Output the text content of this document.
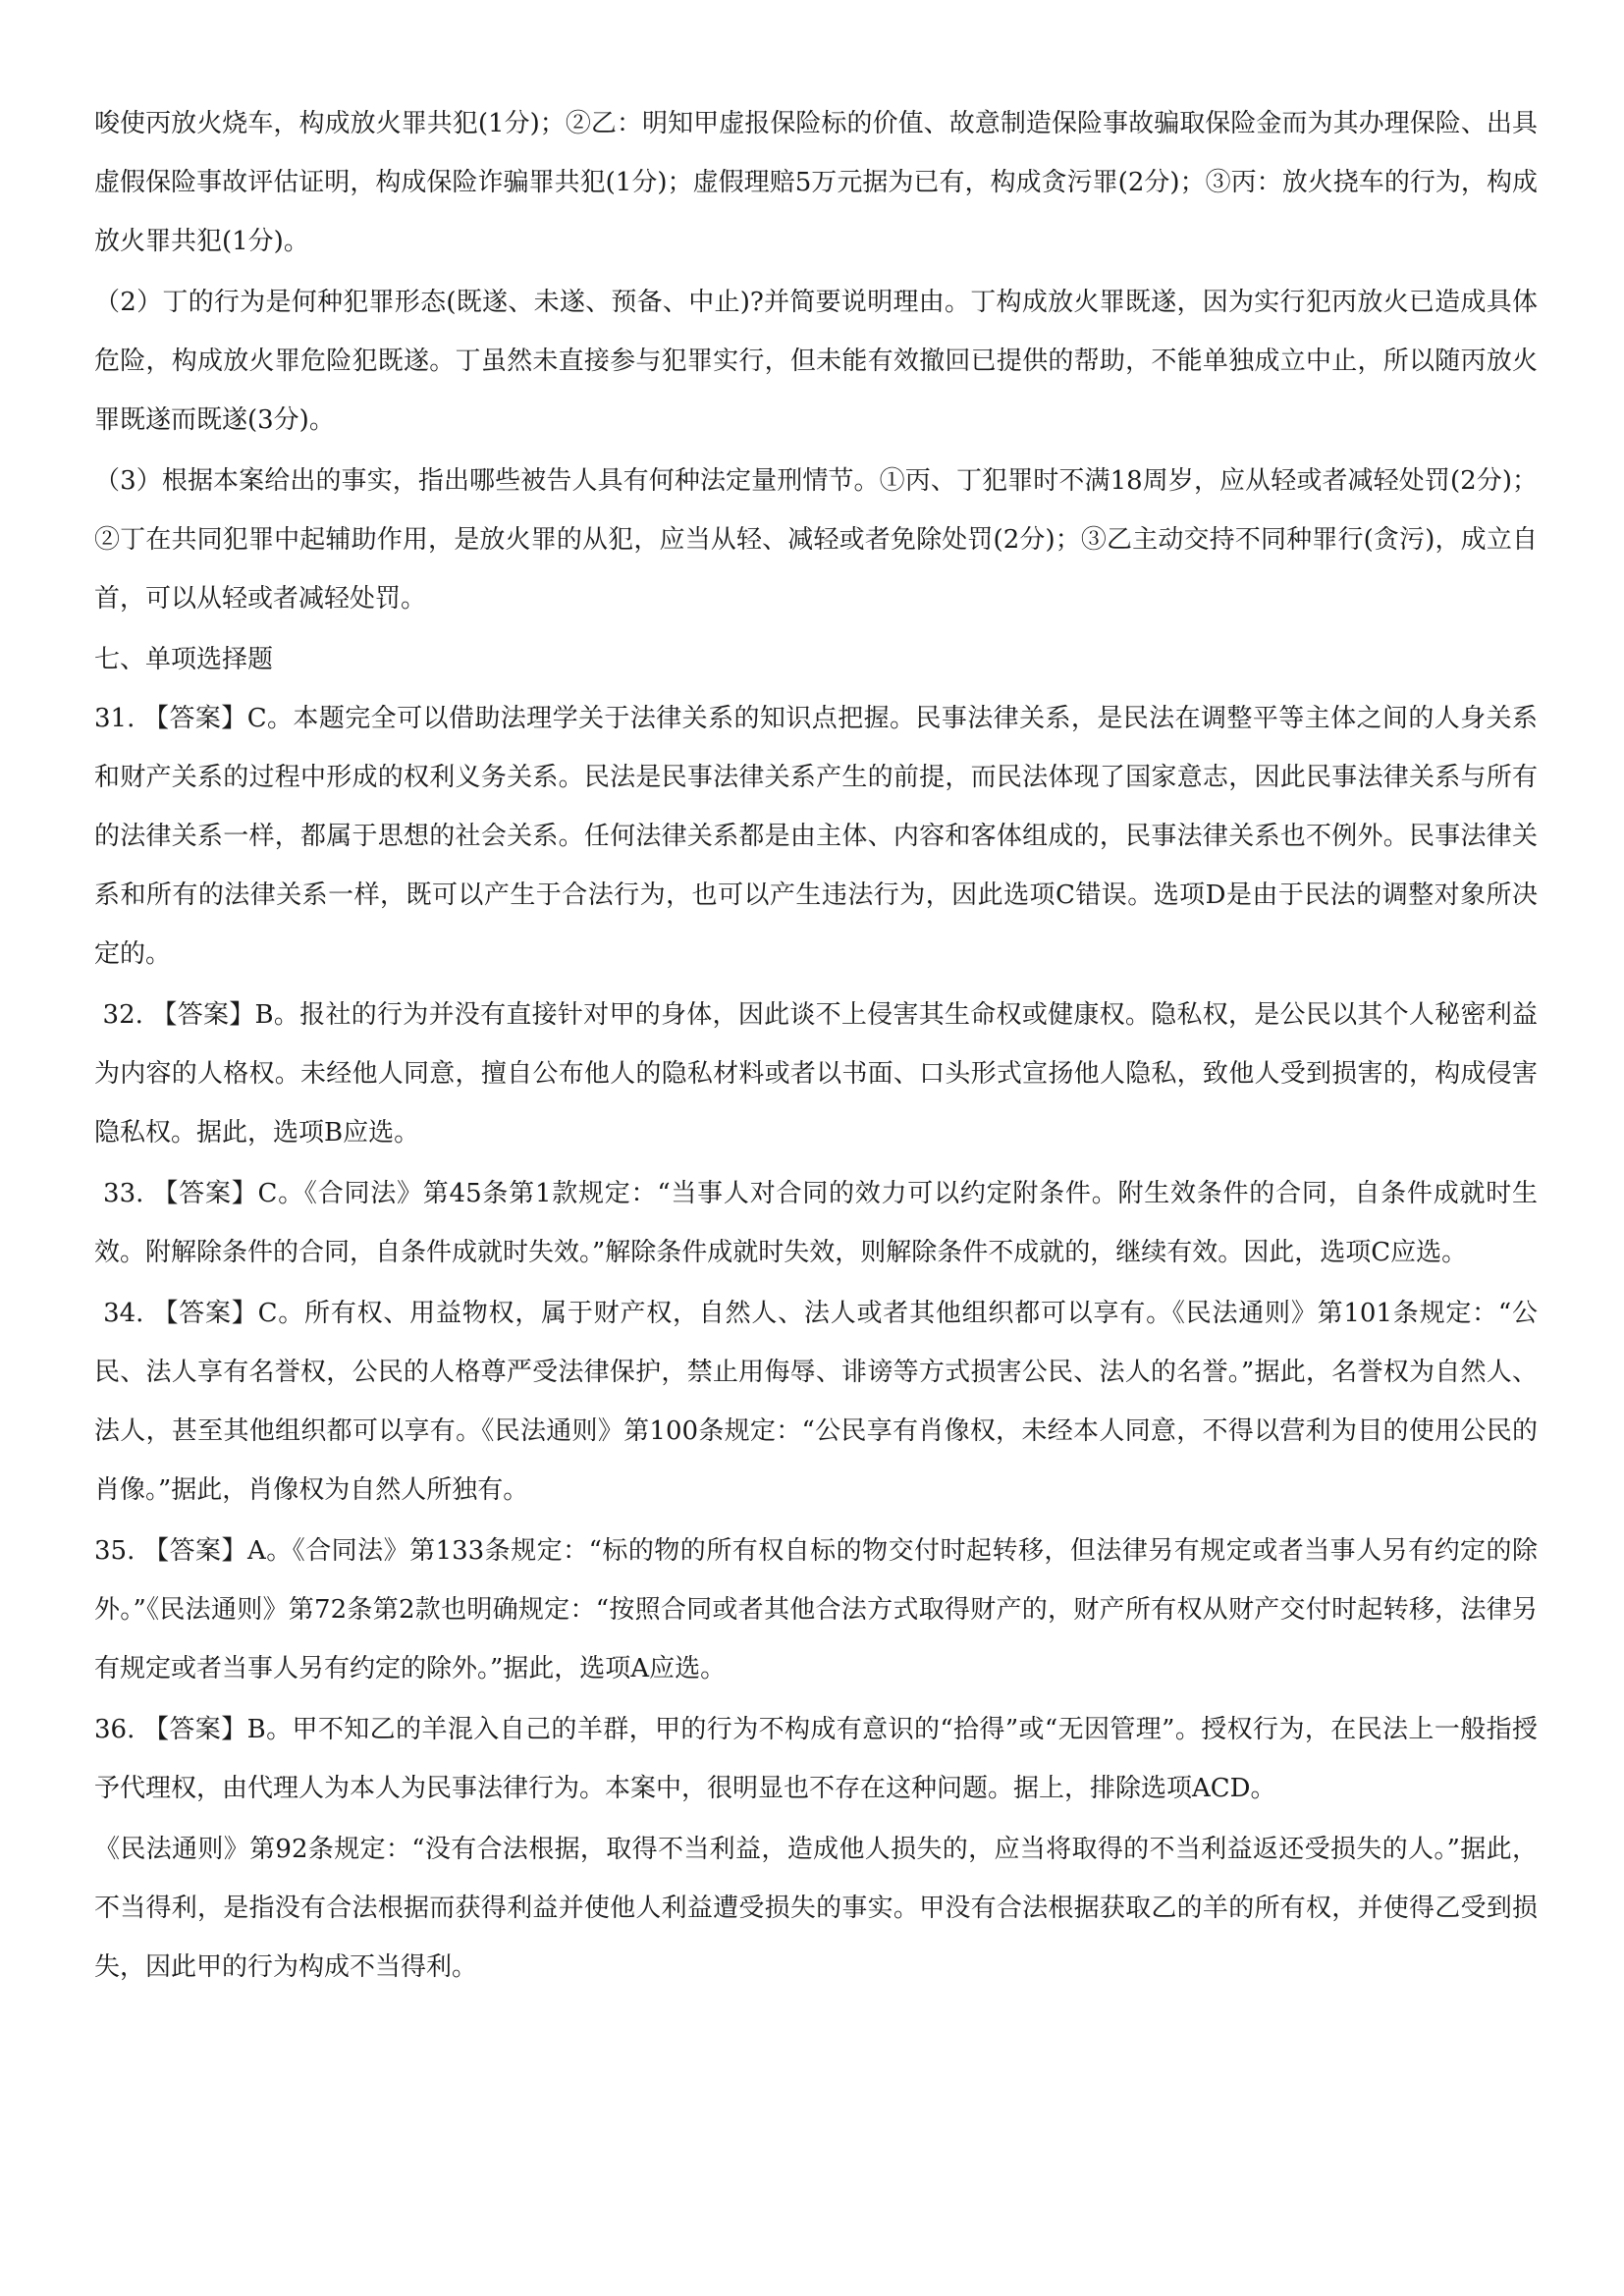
唆使丙放火烧车，构成放火罪共犯(1分)；②乙：明知甲虚报保险标的价值、故意制造保险事故骗取保险金而为其办理保险、出具虚假保险事故评估证明，构成保险诈骗罪共犯(1分)；虚假理赔5万元据为已有，构成贪污罪(2分)；③丙：放火挠车的行为，构成放火罪共犯(1分)。

（2）丁的行为是何种犯罪形态(既遂、未遂、预备、中止)?并简要说明理由。丁构成放火罪既遂，因为实行犯丙放火已造成具体危险，构成放火罪危险犯既遂。丁虽然未直接参与犯罪实行，但未能有效撤回已提供的帮助，不能单独成立中止，所以随丙放火罪既遂而既遂(3分)。

（3）根据本案给出的事实，指出哪些被告人具有何种法定量刑情节。①丙、丁犯罪时不满18周岁，应从轻或者减轻处罚(2分)；②丁在共同犯罪中起辅助作用，是放火罪的从犯，应当从轻、减轻或者免除处罚(2分)；③乙主动交持不同种罪行(贪污)，成立自首，可以从轻或者减轻处罚。

七、单项选择题

31. 【答案】C。本题完全可以借助法理学关于法律关系的知识点把握。民事法律关系，是民法在调整平等主体之间的人身关系和财产关系的过程中形成的权利义务关系。民法是民事法律关系产生的前提，而民法体现了国家意志，因此民事法律关系与所有的法律关系一样，都属于思想的社会关系。任何法律关系都是由主体、内容和客体组成的，民事法律关系也不例外。民事法律关系和所有的法律关系一样，既可以产生于合法行为，也可以产生违法行为，因此选项C错误。选项D是由于民法的调整对象所决定的。

32. 【答案】B。报社的行为并没有直接针对甲的身体，因此谈不上侵害其生命权或健康权。隐私权，是公民以其个人秘密利益为内容的人格权。未经他人同意，擅自公布他人的隐私材料或者以书面、口头形式宣扬他人隐私，致他人受到损害的，构成侵害隐私权。据此，选项B应选。

33. 【答案】C。《合同法》第45条第1款规定：“当事人对合同的效力可以约定附条件。附生效条件的合同，自条件成就时生效。附解除条件的合同，自条件成就时失效。”解除条件成就时失效，则解除条件不成就的，继续有效。因此，选项C应选。

34. 【答案】C。所有权、用益物权，属于财产权，自然人、法人或者其他组织都可以享有。《民法通则》第101条规定：“公民、法人享有名誉权，公民的人格尊严受法律保护，禁止用侮辱、诽谤等方式损害公民、法人的名誉。”据此，名誉权为自然人、法人，甚至其他组织都可以享有。《民法通则》第100条规定：“公民享有肖像权，未经本人同意，不得以营利为目的使用公民的肖像。”据此，肖像权为自然人所独有。

35. 【答案】A。《合同法》第133条规定：“标的物的所有权自标的物交付时起转移，但法律另有规定或者当事人另有约定的除外。”《民法通则》第72条第2款也明确规定：“按照合同或者其他合法方式取得财产的，财产所有权从财产交付时起转移，法律另有规定或者当事人另有约定的除外。”据此，选项A应选。

36. 【答案】B。甲不知乙的羊混入自己的羊群，甲的行为不构成有意识的“拾得”或“无因管理”。授权行为，在民法上一般指授予代理权，由代理人为本人为民事法律行为。本案中，很明显也不存在这种问题。据上，排除选项ACD。

《民法通则》第92条规定：“没有合法根据，取得不当利益，造成他人损失的，应当将取得的不当利益返还受损失的人。”据此，不当得利，是指没有合法根据而获得利益并使他人利益遭受损失的事实。甲没有合法根据获取乙的羊的所有权，并使得乙受到损失，因此甲的行为构成不当得利。
